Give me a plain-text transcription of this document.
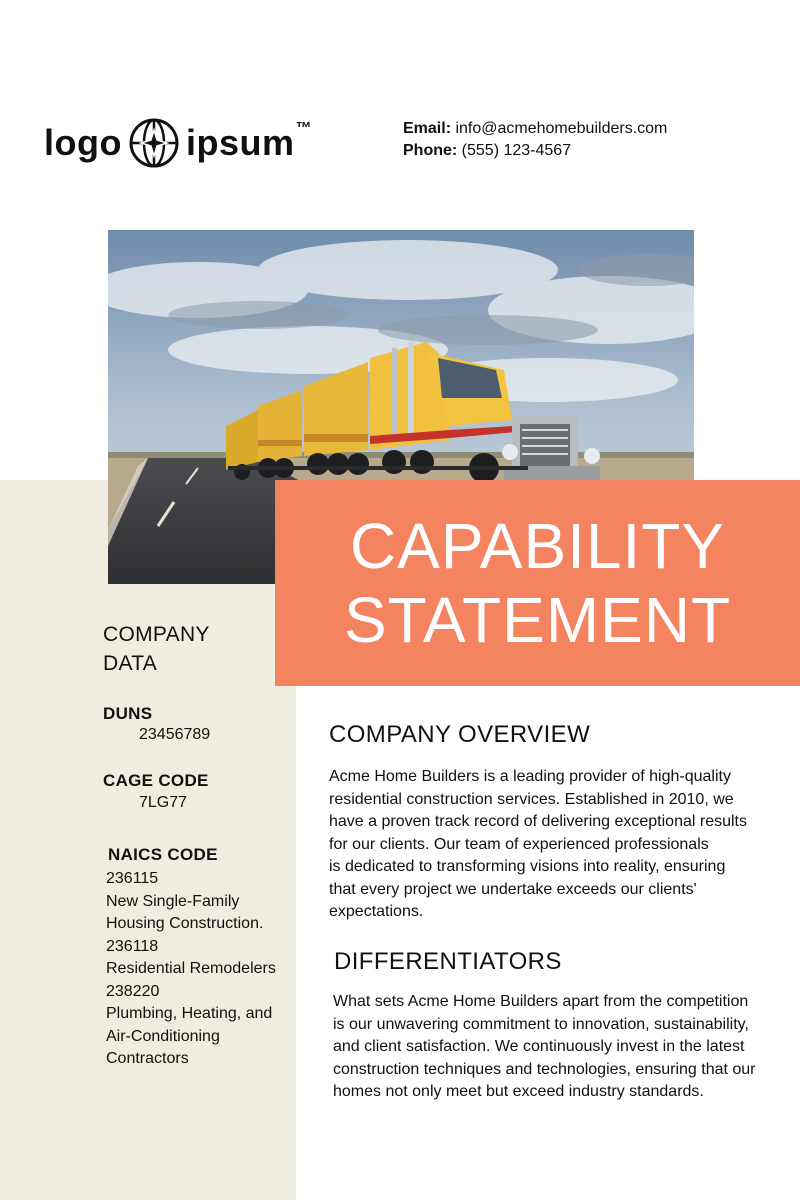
logo ipsum ™	Email: info@acmehomebuilders.com
Phone: (555) 123-4567
CAPABILITY
STATEMENT
COMPANY
DATA
DUNS
23456789
CAGE CODE
7LG77
NAICS CODE
236115
New Single-Family
Housing Construction.
236118
Residential Remodelers
238220
Plumbing, Heating, and
Air-Conditioning
Contractors
COMPANY OVERVIEW
Acme Home Builders is a leading provider of high-quality
residential construction services. Established in 2010, we
have a proven track record of delivering exceptional results
for our clients. Our team of experienced professionals
is dedicated to transforming visions into reality, ensuring
that every project we undertake exceeds our clients'
expectations.
DIFFERENTIATORS
What sets Acme Home Builders apart from the competition
is our unwavering commitment to innovation, sustainability,
and client satisfaction. We continuously invest in the latest
construction techniques and technologies, ensuring that our
homes not only meet but exceed industry standards.
